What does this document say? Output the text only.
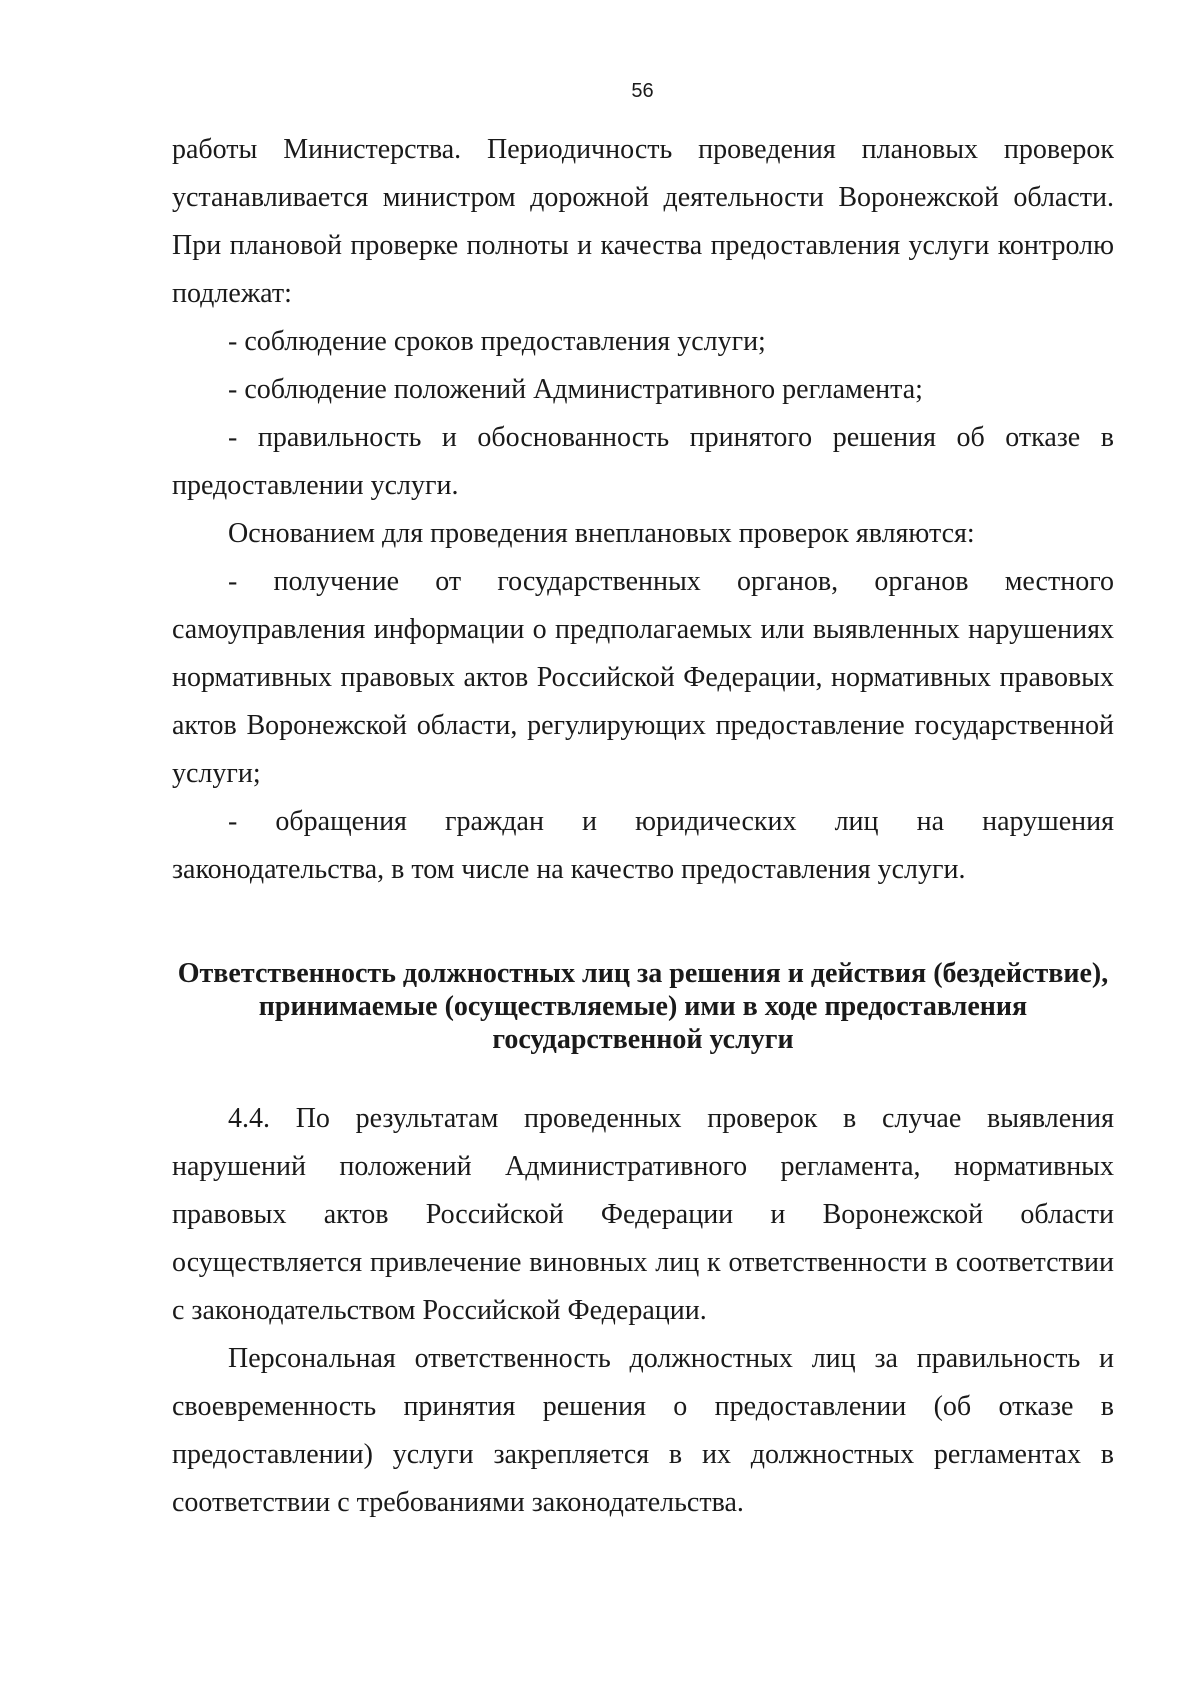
56

работы Министерства. Периодичность проведения плановых проверок устанавливается министром дорожной деятельности Воронежской области. При плановой проверке полноты и качества предоставления услуги контролю подлежат:

- соблюдение сроков предоставления услуги;

- соблюдение положений Административного регламента;

- правильность и обоснованность принятого решения об отказе в предоставлении услуги.

Основанием для проведения внеплановых проверок являются:

- получение от государственных органов, органов местного самоуправления информации о предполагаемых или выявленных нарушениях нормативных правовых актов Российской Федерации, нормативных правовых актов Воронежской области, регулирующих предоставление государственной услуги;

- обращения граждан и юридических лиц на нарушения законодательства, в том числе на качество предоставления услуги.

Ответственность должностных лиц за решения и действия (бездействие),
принимаемые (осуществляемые) ими в ходе предоставления
государственной услуги

4.4. По результатам проведенных проверок в случае выявления нарушений положений Административного регламента, нормативных правовых актов Российской Федерации и Воронежской области осуществляется привлечение виновных лиц к ответственности в соответствии с законодательством Российской Федерации.

Персональная ответственность должностных лиц за правильность и своевременность принятия решения о предоставлении (об отказе в предоставлении) услуги закрепляется в их должностных регламентах в соответствии с требованиями законодательства.
